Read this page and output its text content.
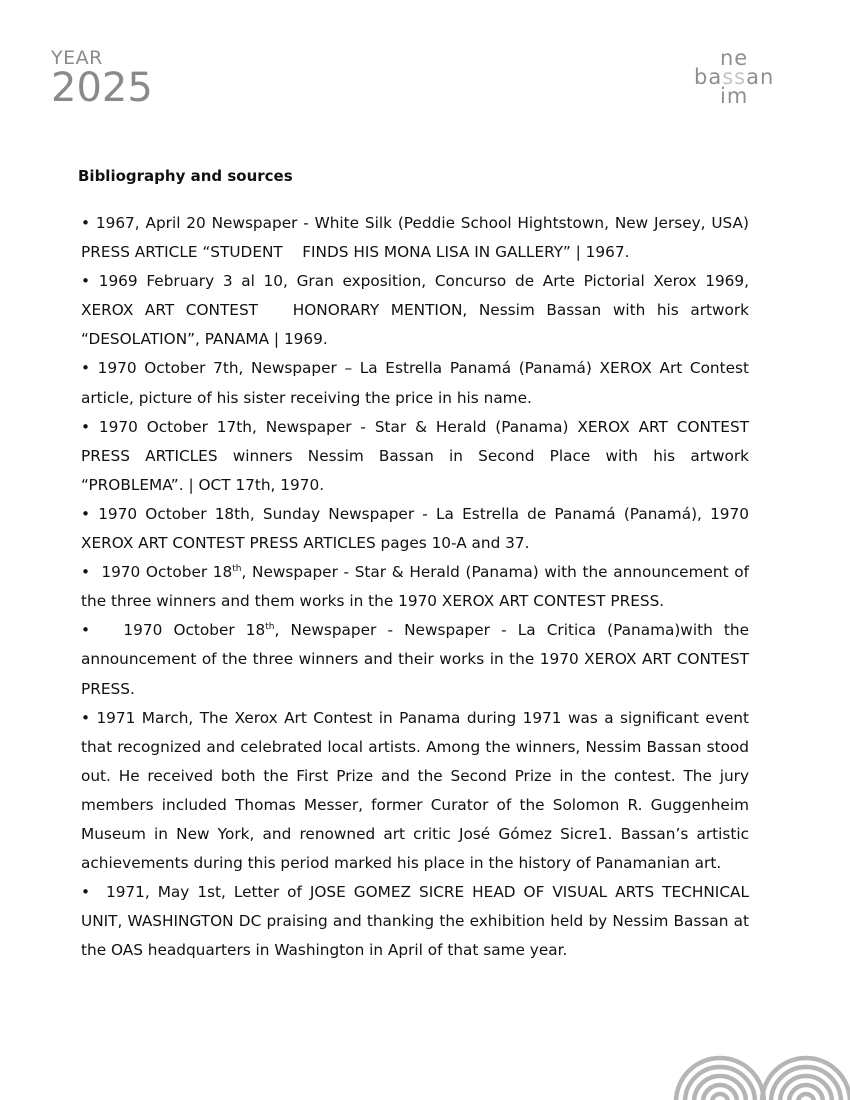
YEAR
2025
ne
bassan
im
Bibliography and sources

• 1967, April 20 Newspaper - White Silk (Peddie School Hightstown, New Jersey, USA) PRESS ARTICLE “STUDENT    FINDS HIS MONA LISA IN GALLERY” | 1967.

• 1969 February 3 al 10, Gran exposition, Concurso de Arte Pictorial Xerox 1969, XEROX ART CONTEST   HONORARY MENTION, Nessim Bassan with his artwork “DESOLATION”, PANAMA | 1969.

• 1970 October 7th, Newspaper – La Estrella Panamá (Panamá) XEROX Art Contest article, picture of his sister receiving the price in his name.

• 1970 October 17th, Newspaper - Star & Herald (Panama) XEROX ART CONTEST PRESS ARTICLES winners Nessim Bassan in Second Place with his artwork “PROBLEMA”. | OCT 17th, 1970.

• 1970 October 18th, Sunday Newspaper - La Estrella de Panamá (Panamá), 1970 XEROX ART CONTEST PRESS ARTICLES pages 10-A and 37.

•  1970 October 18th, Newspaper - Star & Herald (Panama) with the announcement of the three winners and them works in the 1970 XEROX ART CONTEST PRESS.

•   1970 October 18th, Newspaper - Newspaper - La Critica (Panama)with the announcement of the three winners and their works in the 1970 XEROX ART CONTEST PRESS.

• 1971 March, The Xerox Art Contest in Panama during 1971 was a significant event that recognized and celebrated local artists. Among the winners, Nessim Bassan stood out. He received both the First Prize and the Second Prize in the contest. The jury members included Thomas Messer, former Curator of the Solomon R. Guggenheim Museum in New York, and renowned art critic José Gómez Sicre1. Bassan’s artistic achievements during this period marked his place in the history of Panamanian art.

•  1971, May 1st, Letter of JOSE GOMEZ SICRE HEAD OF VISUAL ARTS TECHNICAL UNIT, WASHINGTON DC praising and thanking the exhibition held by Nessim Bassan at the OAS headquarters in Washington in April of that same year.
